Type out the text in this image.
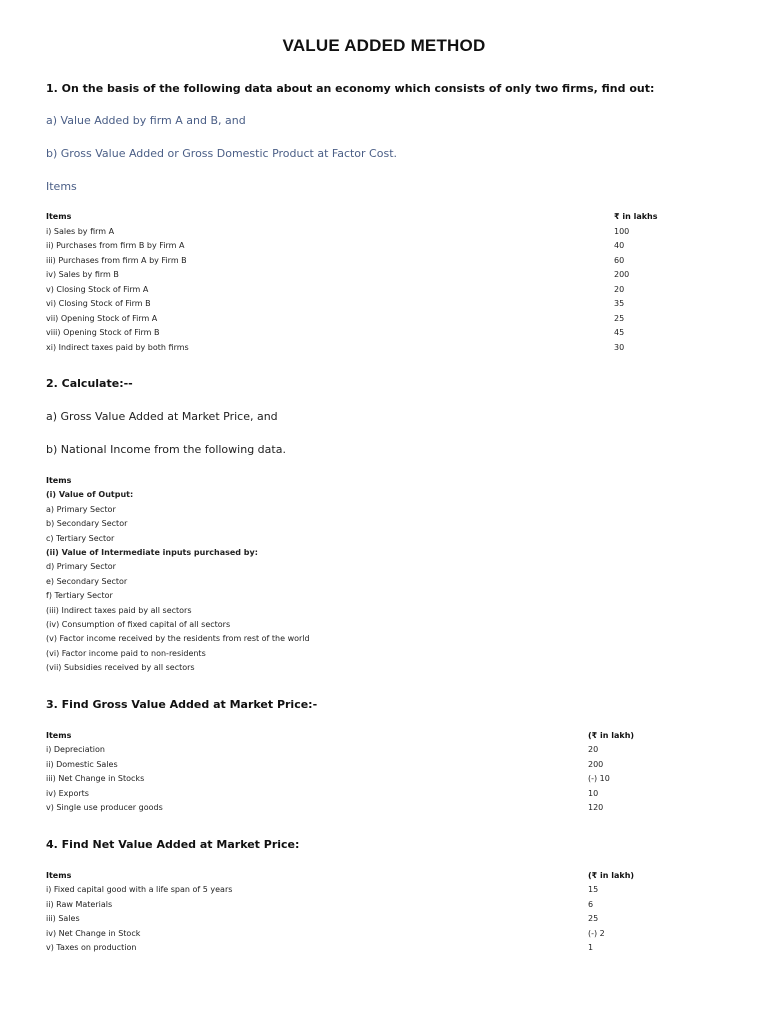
VALUE ADDED METHOD
1. On the basis of the following data about an economy which consists of only two firms, find out:
a) Value Added by firm A and B, and
b) Gross Value Added or Gross Domestic Product at Factor Cost.
Items
Items	₹ in lakhs
i) Sales by firm A	100
ii) Purchases from firm B by Firm A	40
iii) Purchases from firm A by Firm B	60
iv) Sales by firm B	200
v) Closing Stock of Firm A	20
vi) Closing Stock of Firm B	35
vii) Opening Stock of Firm A	25
viii) Opening Stock of Firm B	45
xi) Indirect taxes paid by both firms	30
2. Calculate:--
a) Gross Value Added at Market Price, and
b) National Income from the following data.
Items
(i) Value of Output:
a) Primary Sector
b) Secondary Sector
c) Tertiary Sector
(ii) Value of Intermediate inputs purchased by:
d) Primary Sector
e) Secondary Sector
f) Tertiary Sector
(iii) Indirect taxes paid by all sectors
(iv) Consumption of fixed capital of all sectors
(v) Factor income received by the residents from rest of the world
(vi) Factor income paid to non-residents
(vii) Subsidies received by all sectors
3. Find Gross Value Added at Market Price:-
Items	(₹ in lakh)
i) Depreciation	20
ii) Domestic Sales	200
iii) Net Change in Stocks	(-) 10
iv) Exports	10
v) Single use producer goods	120
4. Find Net Value Added at Market Price:
Items	(₹ in lakh)
i) Fixed capital good with a life span of 5 years	15
ii) Raw Materials	6
iii) Sales	25
iv) Net Change in Stock	(-) 2
v) Taxes on production	1
